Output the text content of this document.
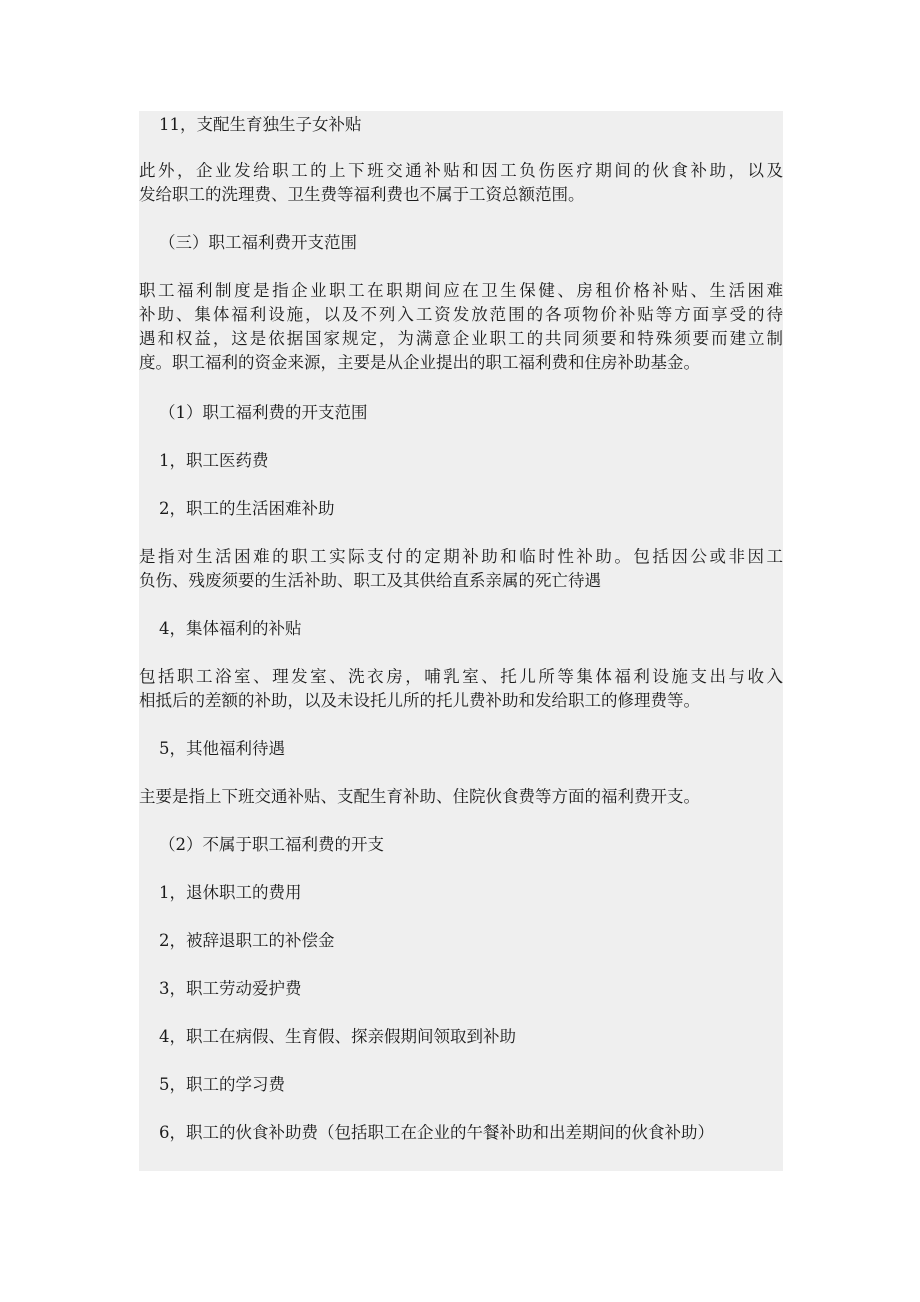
11，支配生育独生子女补贴

此外，企业发给职工的上下班交通补贴和因工负伤医疗期间的伙食补助，以及
发给职工的洗理费、卫生费等福利费也不属于工资总额范围。

（三）职工福利费开支范围

职工福利制度是指企业职工在职期间应在卫生保健、房租价格补贴、生活困难
补助、集体福利设施，以及不列入工资发放范围的各项物价补贴等方面享受的待
遇和权益，这是依据国家规定，为满意企业职工的共同须要和特殊须要而建立制
度。职工福利的资金来源，主要是从企业提出的职工福利费和住房补助基金。

（1）职工福利费的开支范围

1，职工医药费

2，职工的生活困难补助

是指对生活困难的职工实际支付的定期补助和临时性补助。包括因公或非因工
负伤、残废须要的生活补助、职工及其供给直系亲属的死亡待遇

4，集体福利的补贴

包括职工浴室、理发室、洗衣房，哺乳室、托儿所等集体福利设施支出与收入
相抵后的差额的补助，以及未设托儿所的托儿费补助和发给职工的修理费等。

5，其他福利待遇

主要是指上下班交通补贴、支配生育补助、住院伙食费等方面的福利费开支。

（2）不属于职工福利费的开支

1，退休职工的费用

2，被辞退职工的补偿金

3，职工劳动爱护费

4，职工在病假、生育假、探亲假期间领取到补助

5，职工的学习费

6，职工的伙食补助费（包括职工在企业的午餐补助和出差期间的伙食补助）
